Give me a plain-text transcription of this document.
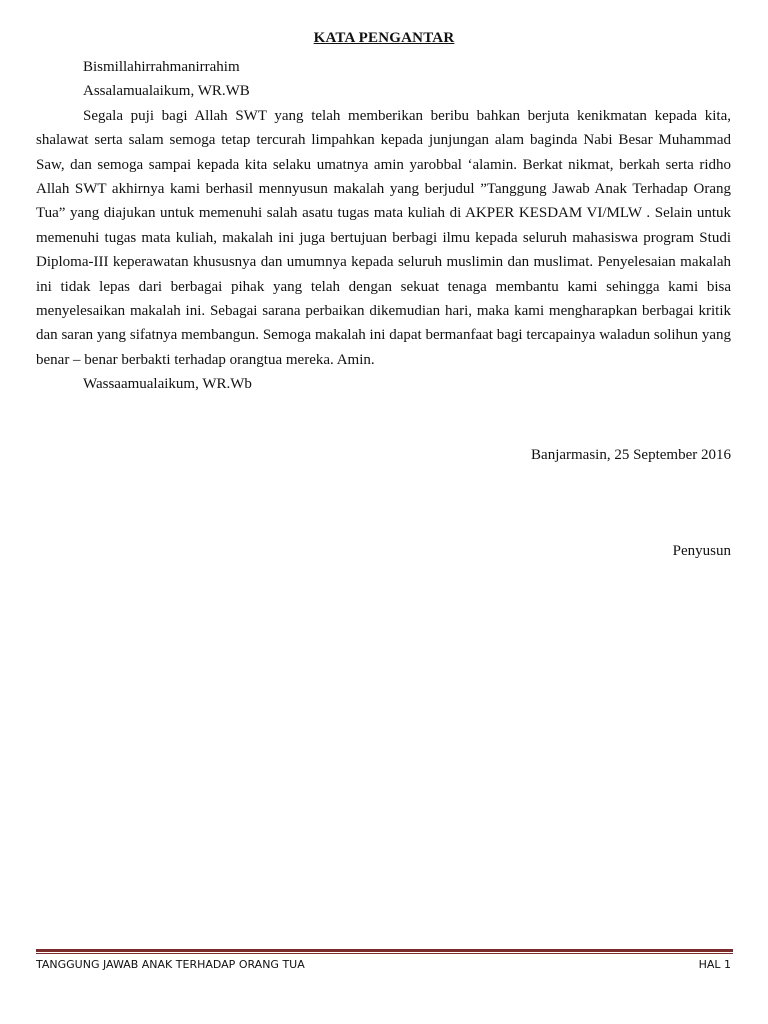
KATA PENGANTAR

Bismillahirrahmanirrahim

Assalamualaikum, WR.WB

Segala puji bagi Allah SWT yang telah memberikan beribu bahkan berjuta kenikmatan kepada kita, shalawat serta salam semoga tetap tercurah limpahkan kepada junjungan alam baginda Nabi Besar Muhammad Saw, dan semoga sampai kepada kita selaku umatnya amin yarobbal ‘alamin. Berkat nikmat, berkah serta ridho Allah SWT akhirnya kami berhasil mennyusun makalah yang berjudul ”Tanggung Jawab Anak Terhadap Orang Tua” yang diajukan untuk memenuhi salah asatu tugas mata kuliah di AKPER KESDAM VI/MLW . Selain untuk memenuhi tugas mata kuliah, makalah ini juga bertujuan berbagi ilmu kepada seluruh mahasiswa program Studi Diploma-III keperawatan khususnya dan umumnya kepada seluruh muslimin dan muslimat. Penyelesaian makalah ini tidak lepas dari berbagai pihak yang telah dengan sekuat tenaga membantu kami sehingga kami bisa menyelesaikan makalah ini. Sebagai sarana perbaikan dikemudian hari, maka kami mengharapkan berbagai kritik dan saran yang sifatnya membangun. Semoga makalah ini dapat bermanfaat bagi tercapainya waladun solihun yang benar – benar berbakti terhadap orangtua mereka. Amin.

Wassaamualaikum, WR.Wb

Banjarmasin, 25 September 2016
Penyusun
TANGGUNG JAWAB ANAK TERHADAP ORANG TUA	HAL 1
